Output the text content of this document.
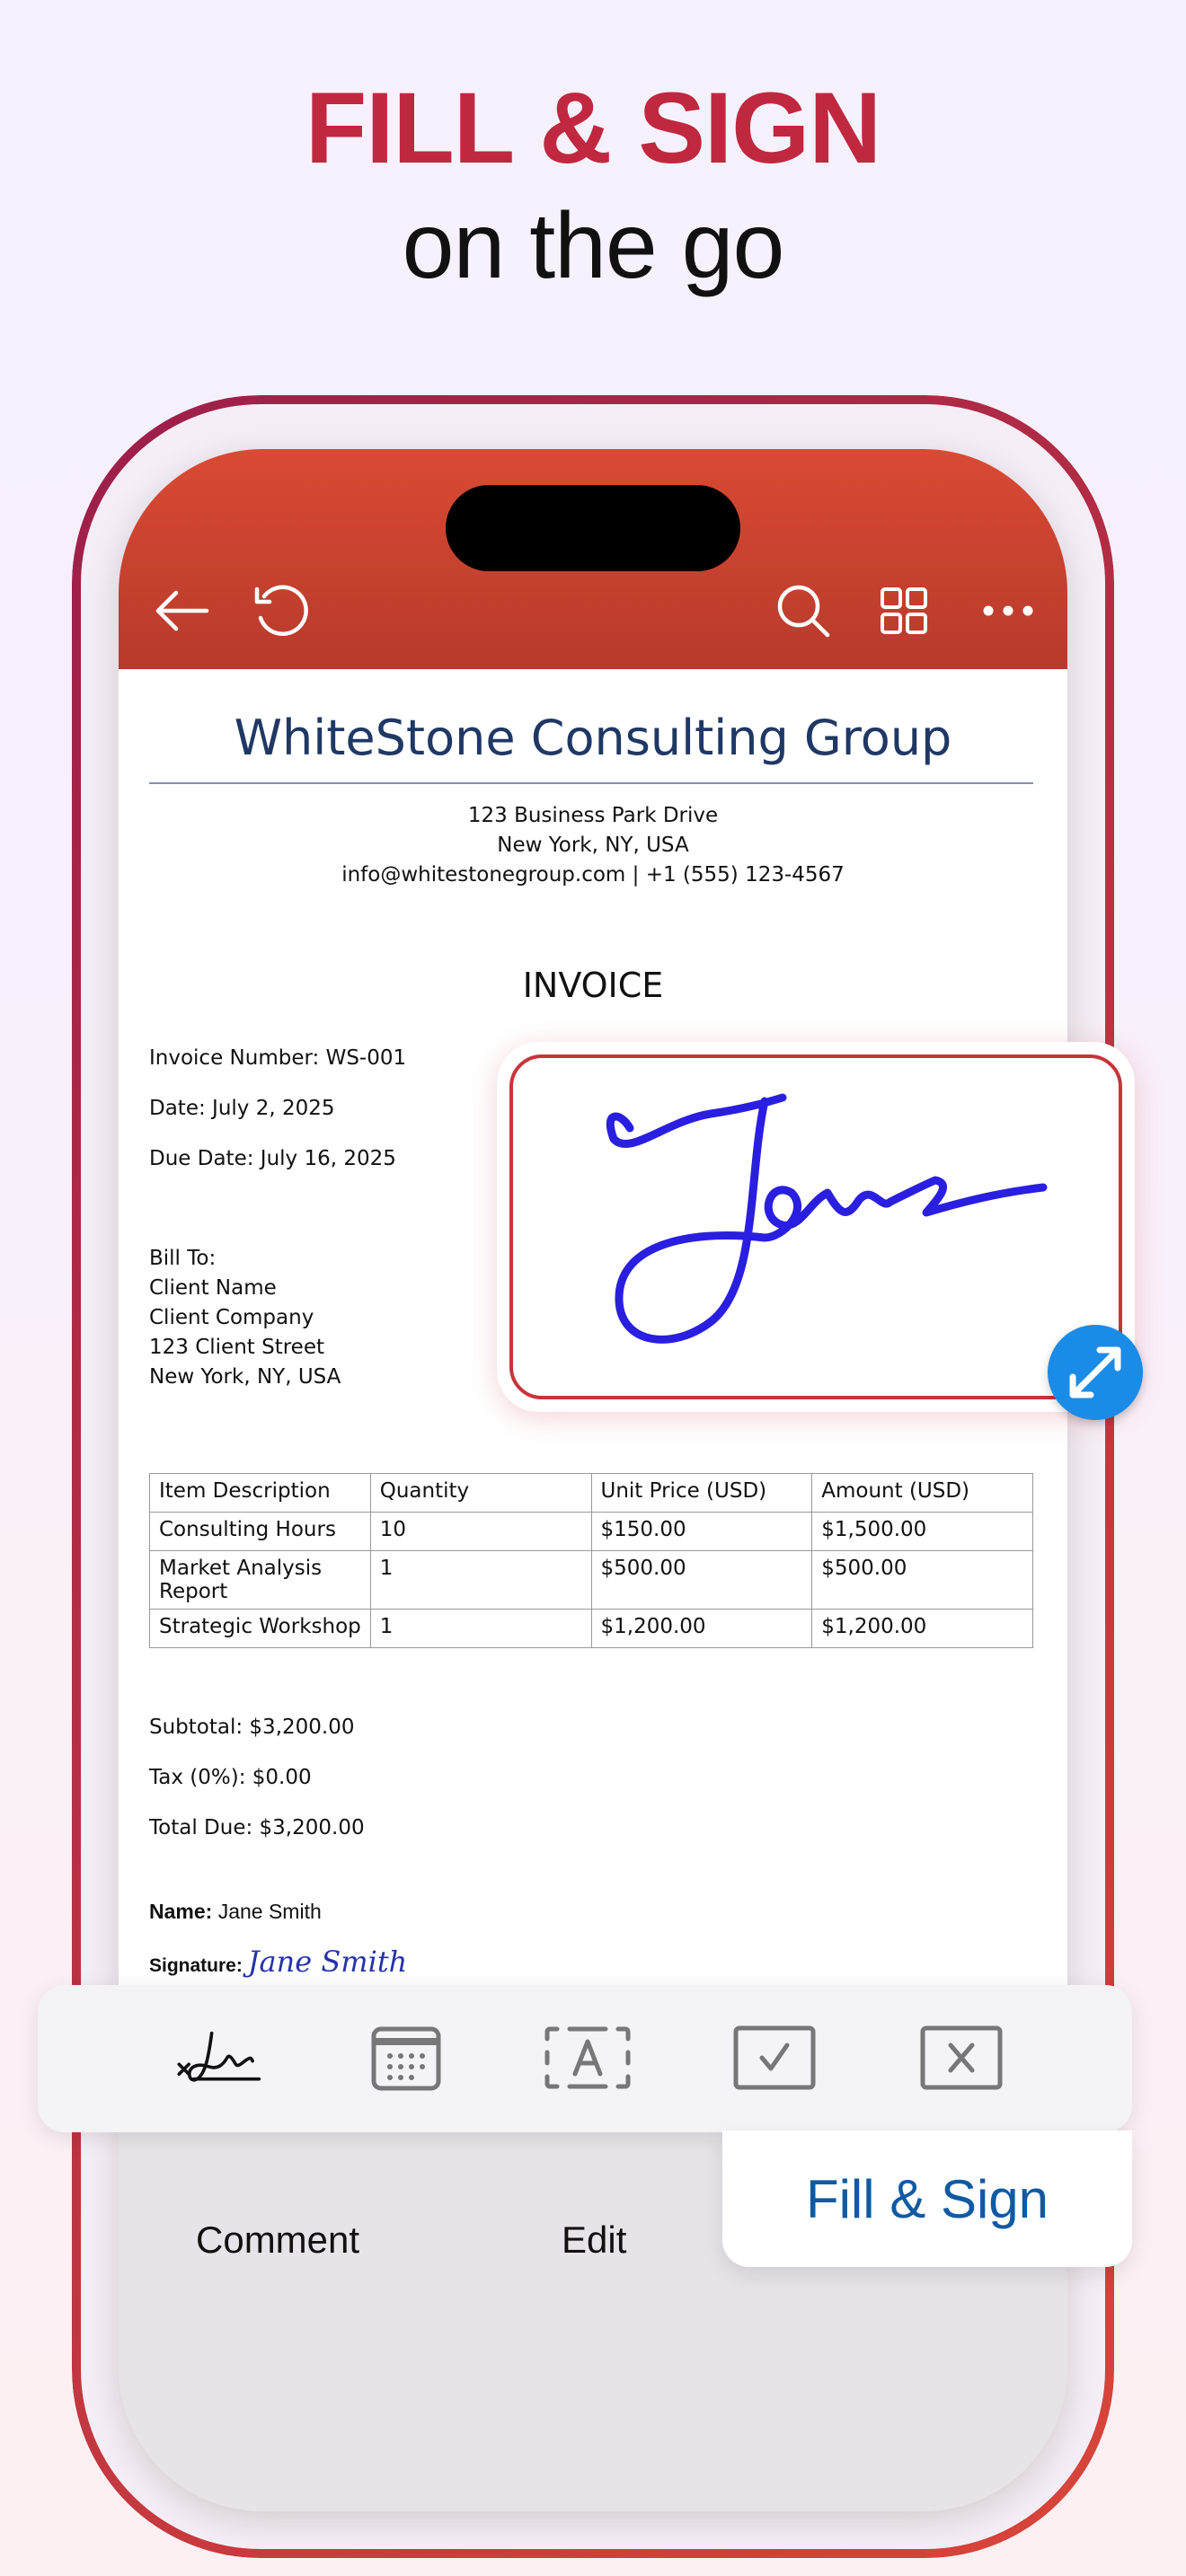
FILL & SIGN
on the go
WhiteStone Consulting Group
123 Business Park Drive
New York, NY, USA
info@whitestonegroup.com | +1 (555) 123-4567
INVOICE
Invoice Number: WS-001
Date: July 2, 2025
Due Date: July 16, 2025
Bill To:
Client Name
Client Company
123 Client Street
New York, NY, USA
Item Description	Quantity	Unit Price (USD)	Amount (USD)
Consulting Hours	10	$150.00	$1,500.00
Market Analysis Report	1	$500.00	$500.00
Strategic Workshop	1	$1,200.00	$1,200.00
Subtotal: $3,200.00
Tax (0%): $0.00
Total Due: $3,200.00
Name: Jane Smith
Signature: Jane Smith
Comment	Edit
Fill & Sign
